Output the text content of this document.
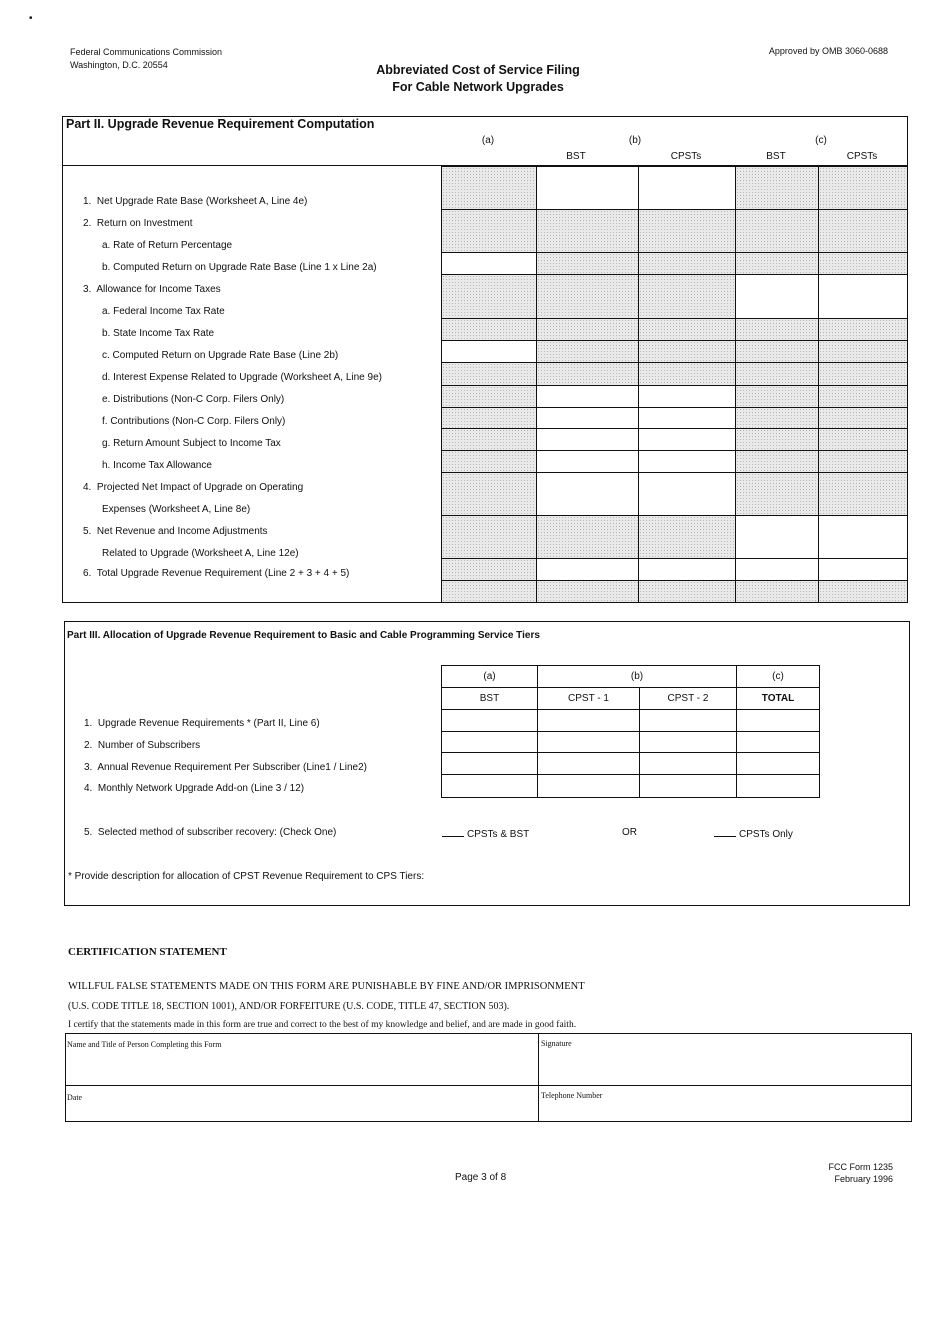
•
Federal Communications Commission
Washington, D.C. 20554
Approved by OMB 3060-0688
Abbreviated Cost of Service Filing
For Cable Network Upgrades
Part II. Upgrade Revenue Requirement Computation
(a)	(b)	(c)
BST	CPSTs	BST	CPSTs
1. Net Upgrade Rate Base (Worksheet A, Line 4e)
2. Return on Investment
a. Rate of Return Percentage
b. Computed Return on Upgrade Rate Base (Line 1 x Line 2a)
3. Allowance for Income Taxes
a. Federal Income Tax Rate
b. State Income Tax Rate
c. Computed Return on Upgrade Rate Base (Line 2b)
d. Interest Expense Related to Upgrade (Worksheet A, Line 9e)
e. Distributions (Non-C Corp. Filers Only)
f. Contributions (Non-C Corp. Filers Only)
g. Return Amount Subject to Income Tax
h. Income Tax Allowance
4. Projected Net Impact of Upgrade on Operating
Expenses (Worksheet A, Line 8e)
5. Net Revenue and Income Adjustments
Related to Upgrade (Worksheet A, Line 12e)
6. Total Upgrade Revenue Requirement (Line 2 + 3 + 4 + 5)
Part III. Allocation of Upgrade Revenue Requirement to Basic and Cable Programming Service Tiers
(a)	(b)	(c)
BST	CPST - 1	CPST - 2	TOTAL
1. Upgrade Revenue Requirements * (Part II, Line 6)
2. Number of Subscribers
3. Annual Revenue Requirement Per Subscriber (Line1 / Line2)
4. Monthly Network Upgrade Add-on (Line 3 / 12)
5. Selected method of subscriber recovery: (Check One)	CPSTs & BST	OR	CPSTs Only
* Provide description for allocation of CPST Revenue Requirement to CPS Tiers:
CERTIFICATION STATEMENT
WILLFUL FALSE STATEMENTS MADE ON THIS FORM ARE PUNISHABLE BY FINE AND/OR IMPRISONMENT
(U.S. CODE TITLE 18, SECTION 1001), AND/OR FORFEITURE (U.S. CODE, TITLE 47, SECTION 503).
I certify that the statements made in this form are true and correct to the best of my knowledge and belief, and are made in good faith.
Name and Title of Person Completing this Form	Signature
Date	Telephone Number
Page 3 of 8
FCC Form 1235
February 1996
